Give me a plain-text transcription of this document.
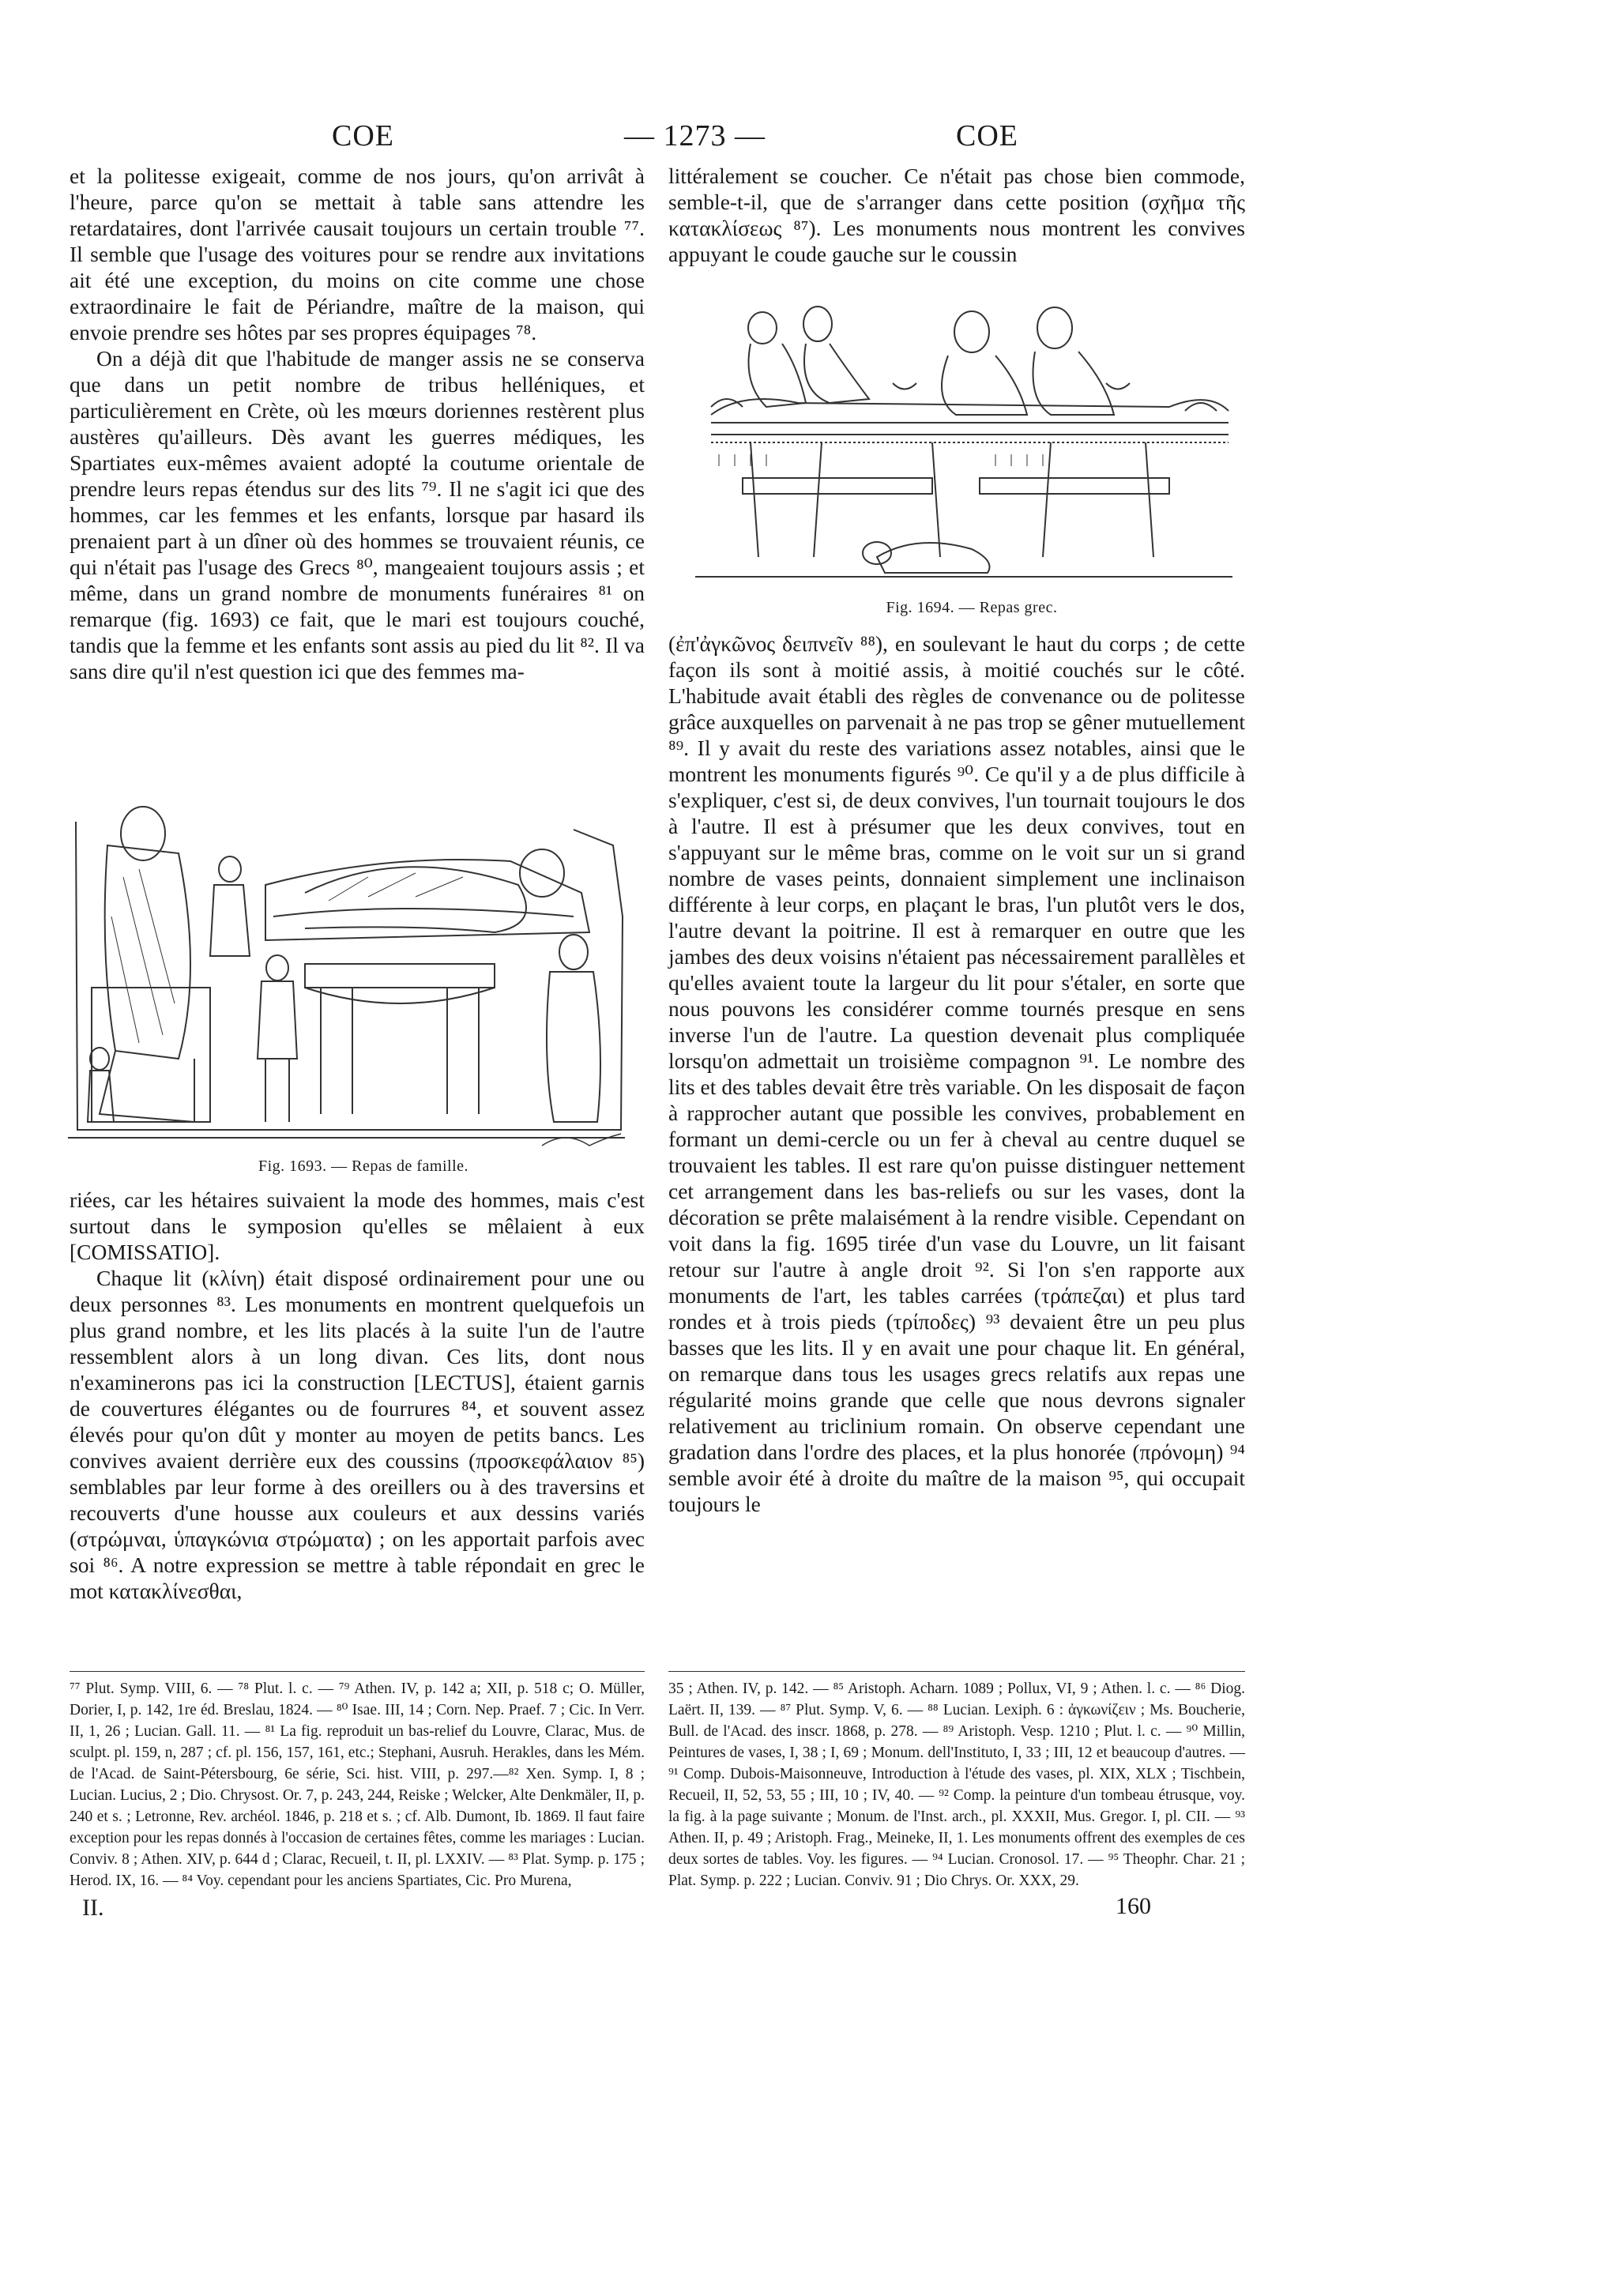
COE	— 1273 —	COE

et la politesse exigeait, comme de nos jours, qu'on arrivât à l'heure, parce qu'on se mettait à table sans attendre les retardataires, dont l'arrivée causait toujours un certain trouble ⁷⁷. Il semble que l'usage des voitures pour se rendre aux invitations ait été une exception, du moins on cite comme une chose extraordinaire le fait de Périandre, maître de la maison, qui envoie prendre ses hôtes par ses propres équipages ⁷⁸.

On a déjà dit que l'habitude de manger assis ne se conserva que dans un petit nombre de tribus helléniques, et particulièrement en Crète, où les mœurs doriennes restèrent plus austères qu'ailleurs. Dès avant les guerres médiques, les Spartiates eux-mêmes avaient adopté la coutume orientale de prendre leurs repas étendus sur des lits ⁷⁹. Il ne s'agit ici que des hommes, car les femmes et les enfants, lorsque par hasard ils prenaient part à un dîner où des hommes se trouvaient réunis, ce qui n'était pas l'usage des Grecs ⁸⁰, mangeaient toujours assis ; et même, dans un grand nombre de monuments funéraires ⁸¹ on remarque (fig. 1693) ce fait, que le mari est toujours couché, tandis que la femme et les enfants sont assis au pied du lit ⁸². Il va sans dire qu'il n'est question ici que des femmes ma-

Fig. 1693. — Repas de famille.

riées, car les hétaires suivaient la mode des hommes, mais c'est surtout dans le symposion qu'elles se mêlaient à eux [COMISSATIO].

Chaque lit (κλίνη) était disposé ordinairement pour une ou deux personnes ⁸³. Les monuments en montrent quelquefois un plus grand nombre, et les lits placés à la suite l'un de l'autre ressemblent alors à un long divan. Ces lits, dont nous n'examinerons pas ici la construction [LECTUS], étaient garnis de couvertures élégantes ou de fourrures ⁸⁴, et souvent assez élevés pour qu'on dût y monter au moyen de petits bancs. Les convives avaient derrière eux des coussins (προσκεφάλαιον ⁸⁵) semblables par leur forme à des oreillers ou à des traversins et recouverts d'une housse aux couleurs et aux dessins variés (στρώμναι, ὑπαγκώνια στρώματα) ; on les apportait parfois avec soi ⁸⁶. A notre expression se mettre à table répondait en grec le mot κατακλίνεσθαι,

⁷⁷ Plut. Symp. VIII, 6. — ⁷⁸ Plut. l. c. — ⁷⁹ Athen. IV, p. 142 a; XII, p. 518 c; O. Müller, Dorier, I, p. 142, 1re éd. Breslau, 1824. — ⁸⁰ Isae. III, 14 ; Corn. Nep. Praef. 7 ; Cic. In Verr. II, 1, 26 ; Lucian. Gall. 11. — ⁸¹ La fig. reproduit un bas-relief du Louvre, Clarac, Mus. de sculpt. pl. 159, n, 287 ; cf. pl. 156, 157, 161, etc.; Stephani, Ausruh. Herakles, dans les Mém. de l'Acad. de Saint-Pétersbourg, 6e série, Sci. hist. VIII, p. 297.—⁸² Xen. Symp. I, 8 ; Lucian. Lucius, 2 ; Dio. Chrysost. Or. 7, p. 243, 244, Reiske ; Welcker, Alte Denkmäler, II, p. 240 et s. ; Letronne, Rev. archéol. 1846, p. 218 et s. ; cf. Alb. Dumont, Ib. 1869. Il faut faire exception pour les repas donnés à l'occasion de certaines fêtes, comme les mariages : Lucian. Conviv. 8 ; Athen. XIV, p. 644 d ; Clarac, Recueil, t. II, pl. LXXIV. — ⁸³ Plat. Symp. p. 175 ; Herod. IX, 16. — ⁸⁴ Voy. cependant pour les anciens Spartiates, Cic. Pro Murena,

II.

littéralement se coucher. Ce n'était pas chose bien commode, semble-t-il, que de s'arranger dans cette position (σχῆμα τῆς κατακλίσεως ⁸⁷). Les monuments nous montrent les convives appuyant le coude gauche sur le coussin

Fig. 1694. — Repas grec.

(ἐπ'ἀγκῶνος δειπνεῖν ⁸⁸), en soulevant le haut du corps ; de cette façon ils sont à moitié assis, à moitié couchés sur le côté. L'habitude avait établi des règles de convenance ou de politesse grâce auxquelles on parvenait à ne pas trop se gêner mutuellement ⁸⁹. Il y avait du reste des variations assez notables, ainsi que le montrent les monuments figurés ⁹⁰. Ce qu'il y a de plus difficile à s'expliquer, c'est si, de deux convives, l'un tournait toujours le dos à l'autre. Il est à présumer que les deux convives, tout en s'appuyant sur le même bras, comme on le voit sur un si grand nombre de vases peints, donnaient simplement une inclinaison différente à leur corps, en plaçant le bras, l'un plutôt vers le dos, l'autre devant la poitrine. Il est à remarquer en outre que les jambes des deux voisins n'étaient pas nécessairement parallèles et qu'elles avaient toute la largeur du lit pour s'étaler, en sorte que nous pouvons les considérer comme tournés presque en sens inverse l'un de l'autre. La question devenait plus compliquée lorsqu'on admettait un troisième compagnon ⁹¹. Le nombre des lits et des tables devait être très variable. On les disposait de façon à rapprocher autant que possible les convives, probablement en formant un demi-cercle ou un fer à cheval au centre duquel se trouvaient les tables. Il est rare qu'on puisse distinguer nettement cet arrangement dans les bas-reliefs ou sur les vases, dont la décoration se prête malaisément à la rendre visible. Cependant on voit dans la fig. 1695 tirée d'un vase du Louvre, un lit faisant retour sur l'autre à angle droit ⁹². Si l'on s'en rapporte aux monuments de l'art, les tables carrées (τράπεζαι) et plus tard rondes et à trois pieds (τρίποδες) ⁹³ devaient être un peu plus basses que les lits. Il y en avait une pour chaque lit. En général, on remarque dans tous les usages grecs relatifs aux repas une régularité moins grande que celle que nous devrons signaler relativement au triclinium romain. On observe cependant une gradation dans l'ordre des places, et la plus honorée (πρόνομη) ⁹⁴ semble avoir été à droite du maître de la maison ⁹⁵, qui occupait toujours le

35 ; Athen. IV, p. 142. — ⁸⁵ Aristoph. Acharn. 1089 ; Pollux, VI, 9 ; Athen. l. c. — ⁸⁶ Diog. Laërt. II, 139. — ⁸⁷ Plut. Symp. V, 6. — ⁸⁸ Lucian. Lexiph. 6 : ἀγκωνίζειν ; Ms. Boucherie, Bull. de l'Acad. des inscr. 1868, p. 278. — ⁸⁹ Aristoph. Vesp. 1210 ; Plut. l. c. — ⁹⁰ Millin, Peintures de vases, I, 38 ; I, 69 ; Monum. dell'Instituto, I, 33 ; III, 12 et beaucoup d'autres. — ⁹¹ Comp. Dubois-Maisonneuve, Introduction à l'étude des vases, pl. XIX, XLX ; Tischbein, Recueil, II, 52, 53, 55 ; III, 10 ; IV, 40. — ⁹² Comp. la peinture d'un tombeau étrusque, voy. la fig. à la page suivante ; Monum. de l'Inst. arch., pl. XXXII, Mus. Gregor. I, pl. CII. — ⁹³ Athen. II, p. 49 ; Aristoph. Frag., Meineke, II, 1. Les monuments offrent des exemples de ces deux sortes de tables. Voy. les figures. — ⁹⁴ Lucian. Cronosol. 17. — ⁹⁵ Theophr. Char. 21 ; Plat. Symp. p. 222 ; Lucian. Conviv. 91 ; Dio Chrys. Or. XXX, 29.

160
